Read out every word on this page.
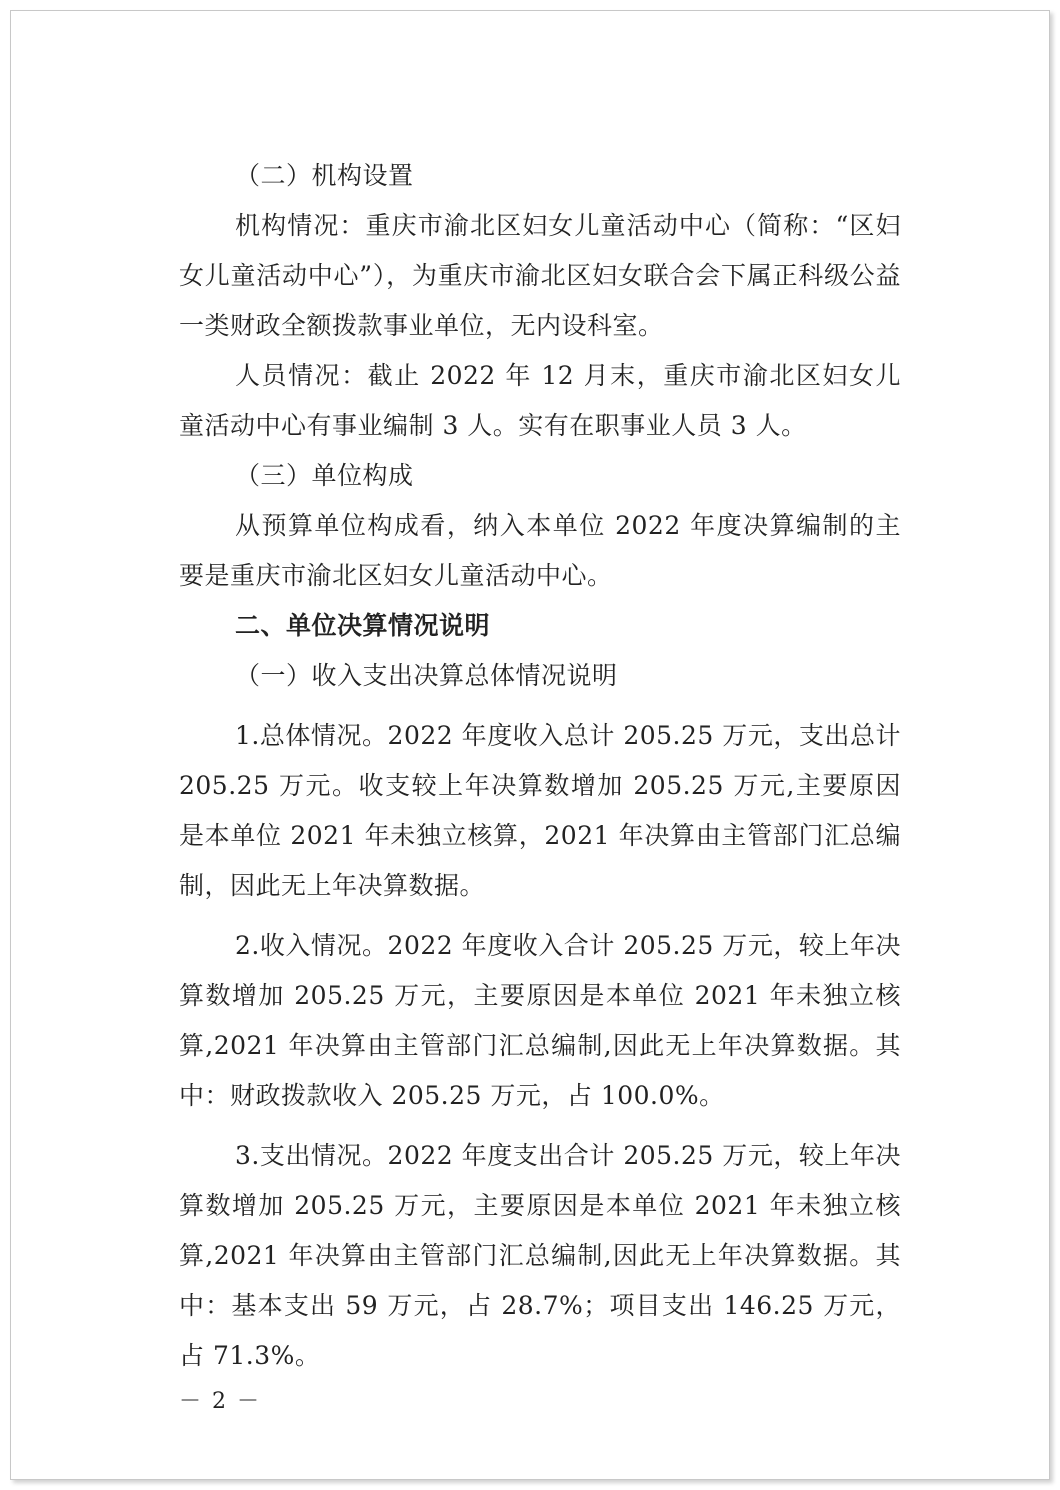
（二）机构设置

机构情况：重庆市渝北区妇女儿童活动中心（简称：“区妇女儿童活动中心”），为重庆市渝北区妇女联合会下属正科级公益一类财政全额拨款事业单位，无内设科室。

人员情况：截止 2022 年 12 月末，重庆市渝北区妇女儿童活动中心有事业编制 3 人。实有在职事业人员 3 人。

（三）单位构成

从预算单位构成看，纳入本单位 2022 年度决算编制的主要是重庆市渝北区妇女儿童活动中心。

二、单位决算情况说明

（一）收入支出决算总体情况说明

1.总体情况。2022 年度收入总计 205.25 万元，支出总计 205.25 万元。收支较上年决算数增加 205.25 万元,主要原因是本单位 2021 年未独立核算，2021 年决算由主管部门汇总编制，因此无上年决算数据。

2.收入情况。2022 年度收入合计 205.25 万元，较上年决算数增加 205.25 万元，主要原因是本单位 2021 年未独立核算,2021 年决算由主管部门汇总编制,因此无上年决算数据。其中：财政拨款收入 205.25 万元，占 100.0%。

3.支出情况。2022 年度支出合计 205.25 万元，较上年决算数增加 205.25 万元，主要原因是本单位 2021 年未独立核算,2021 年决算由主管部门汇总编制,因此无上年决算数据。其中：基本支出 59 万元，占 28.7%；项目支出 146.25 万元，占 71.3%。

－ 2 －
